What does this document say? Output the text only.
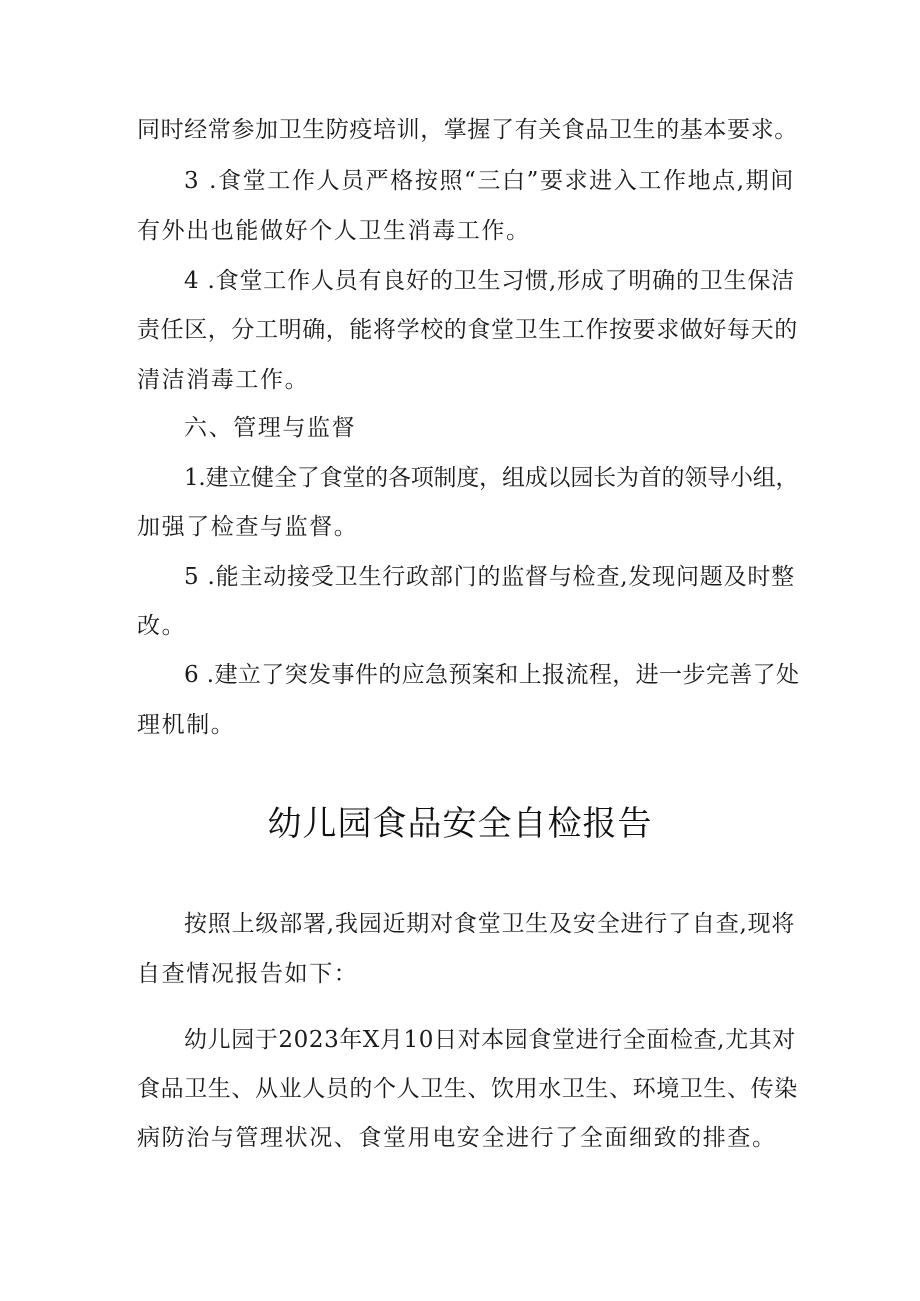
同时经常参加卫生防疫培训，掌握了有关食品卫生的基本要求。
3 .食堂工作人员严格按照“三白”要求进入工作地点,期间
有外出也能做好个人卫生消毒工作。
4 .食堂工作人员有良好的卫生习惯,形成了明确的卫生保洁
责任区，分工明确，能将学校的食堂卫生工作按要求做好每天的
清洁消毒工作。
六、管理与监督
1.建立健全了食堂的各项制度，组成以园长为首的领导小组，
加强了检查与监督。
5 .能主动接受卫生行政部门的监督与检查,发现问题及时整
改。
6 .建立了突发事件的应急预案和上报流程，进一步完善了处
理机制。
幼儿园食品安全自检报告
按照上级部署,我园近期对食堂卫生及安全进行了自查,现将
自查情况报告如下：
幼儿园于2023年X月10日对本园食堂进行全面检查,尤其对
食品卫生、从业人员的个人卫生、饮用水卫生、环境卫生、传染
病防治与管理状况、食堂用电安全进行了全面细致的排查。
